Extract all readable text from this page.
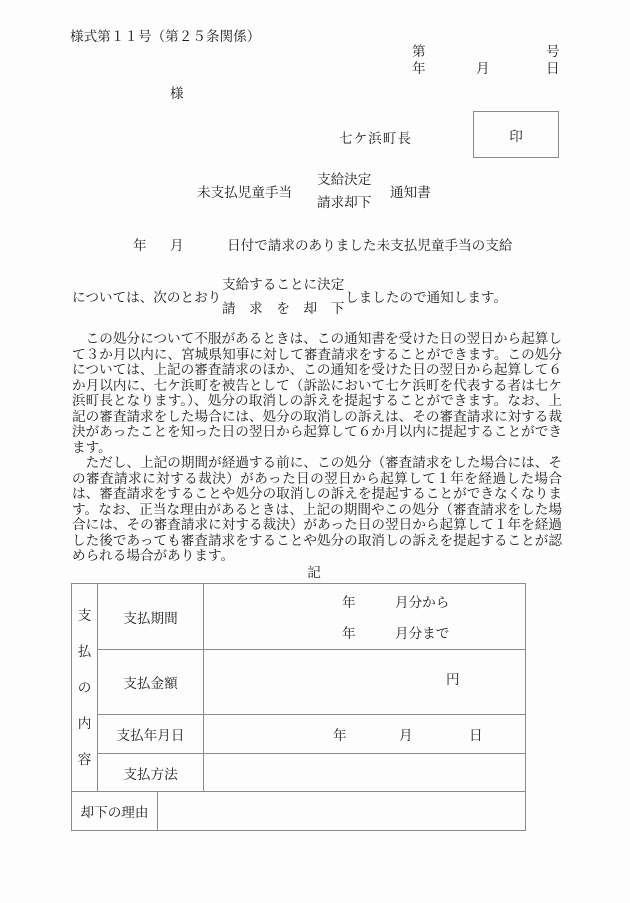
様式第１１号（第２５条関係）
第	号
年	月	日
様
七ケ浜町長	印
未支払児童手当
支給決定
請求却下
通知書
年 月	日付で請求のありました未支払児童手当の支給
については、次のとおり
支給することに決定
請　求　を　却　下
しましたので通知します。

　この処分について不服があるときは、この通知書を受けた日の翌日から起算して３か月以内に、宮城県知事に対して審査請求をすることができます。この処分については、上記の審査請求のほか、この通知を受けた日の翌日から起算して６か月以内に、七ケ浜町を被告として（訴訟において七ケ浜町を代表する者は七ケ浜町長となります。）、処分の取消しの訴えを提起することができます。なお、上記の審査請求をした場合には、処分の取消しの訴えは、その審査請求に対する裁決があったことを知った日の翌日から起算して６か月以内に提起することができます。

　ただし、上記の期間が経過する前に、この処分（審査請求をした場合には、その審査請求に対する裁決）があった日の翌日から起算して１年を経過した場合は、審査請求をすることや処分の取消しの訴えを提起することができなくなります。なお、正当な理由があるときは、上記の期間やこの処分（審査請求をした場合には、その審査請求に対する裁決）があった日の翌日から起算して１年を経過した後であっても審査請求をすることや処分の取消しの訴えを提起することが認められる場合があります。

記
支払の内容	支払期間	年 月分から
年 月分まで

	支払金額	円

	支払年月日	年 月 日

	支払方法	
却下の理由	
